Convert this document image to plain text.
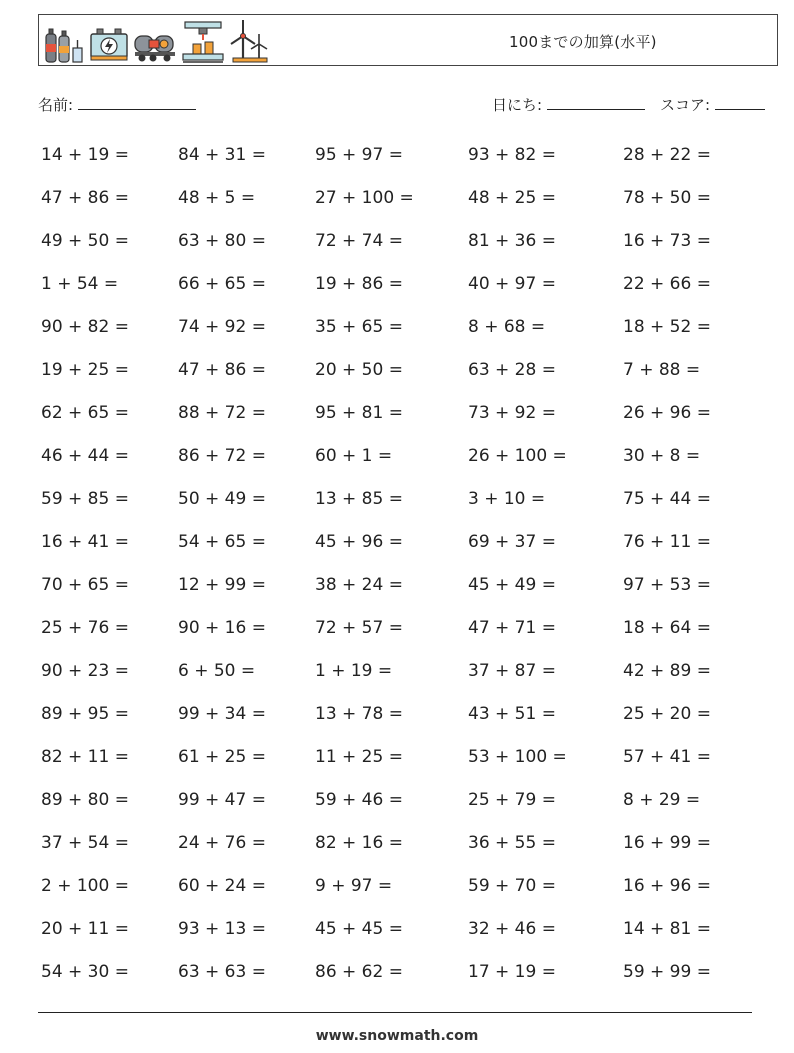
100までの加算(水平)
名前:	日にち:	スコア:
14 + 19 =	84 + 31 =	95 + 97 =	93 + 82 =	28 + 22 =
47 + 86 =	48 + 5 =	27 + 100 =	48 + 25 =	78 + 50 =
49 + 50 =	63 + 80 =	72 + 74 =	81 + 36 =	16 + 73 =
1 + 54 =	66 + 65 =	19 + 86 =	40 + 97 =	22 + 66 =
90 + 82 =	74 + 92 =	35 + 65 =	8 + 68 =	18 + 52 =
19 + 25 =	47 + 86 =	20 + 50 =	63 + 28 =	7 + 88 =
62 + 65 =	88 + 72 =	95 + 81 =	73 + 92 =	26 + 96 =
46 + 44 =	86 + 72 =	60 + 1 =	26 + 100 =	30 + 8 =
59 + 85 =	50 + 49 =	13 + 85 =	3 + 10 =	75 + 44 =
16 + 41 =	54 + 65 =	45 + 96 =	69 + 37 =	76 + 11 =
70 + 65 =	12 + 99 =	38 + 24 =	45 + 49 =	97 + 53 =
25 + 76 =	90 + 16 =	72 + 57 =	47 + 71 =	18 + 64 =
90 + 23 =	6 + 50 =	1 + 19 =	37 + 87 =	42 + 89 =
89 + 95 =	99 + 34 =	13 + 78 =	43 + 51 =	25 + 20 =
82 + 11 =	61 + 25 =	11 + 25 =	53 + 100 =	57 + 41 =
89 + 80 =	99 + 47 =	59 + 46 =	25 + 79 =	8 + 29 =
37 + 54 =	24 + 76 =	82 + 16 =	36 + 55 =	16 + 99 =
2 + 100 =	60 + 24 =	9 + 97 =	59 + 70 =	16 + 96 =
20 + 11 =	93 + 13 =	45 + 45 =	32 + 46 =	14 + 81 =
54 + 30 =	63 + 63 =	86 + 62 =	17 + 19 =	59 + 99 =
www.snowmath.com
